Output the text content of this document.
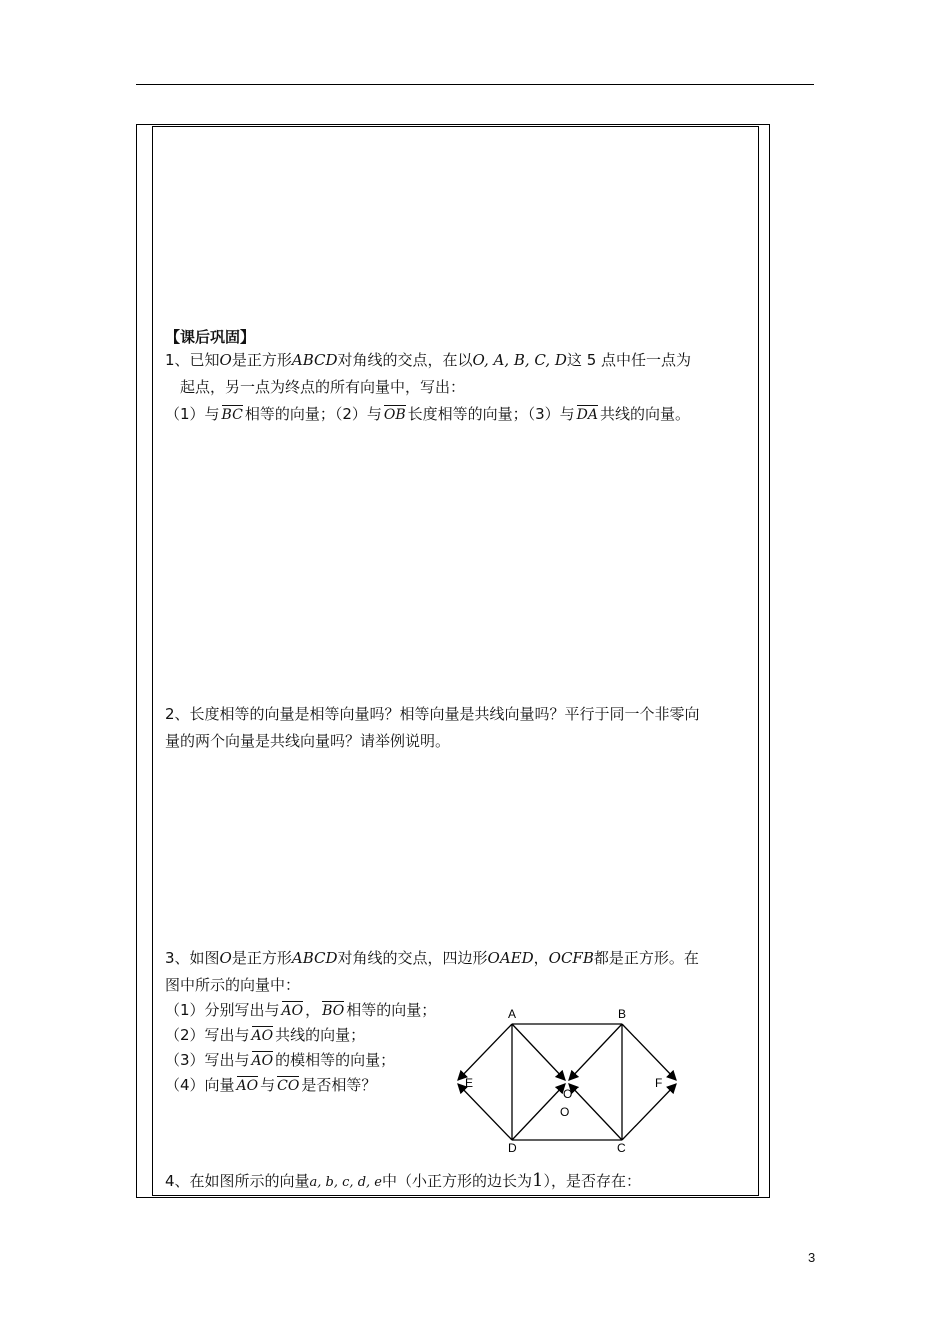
【课后巩固】
1、已知O是正方形ABCD对角线的交点，在以O, A, B, C, D这 5 点中任一点为
起点，另一点为终点的所有向量中，写出：
（1）与 BC 相等的向量；（2）与 OB 长度相等的向量；（3）与 DA 共线的向量。
2、长度相等的向量是相等向量吗？相等向量是共线向量吗？平行于同一个非零向
量的两个向量是共线向量吗？请举例说明。
3、如图O是正方形ABCD对角线的交点，四边形OAED，OCFB都是正方形。在
图中所示的向量中：
（1）分别写出与 AO ， BO 相等的向量；
（2）写出与 AO 共线的向量；
（3）写出与 AO 的模相等的向量；
（4）向量 AO 与 CO 是否相等？
A	B
C
D
E	F
O
O
4、在如图所示的向量a, b, c, d, e中（小正方形的边长为1），是否存在：
3
